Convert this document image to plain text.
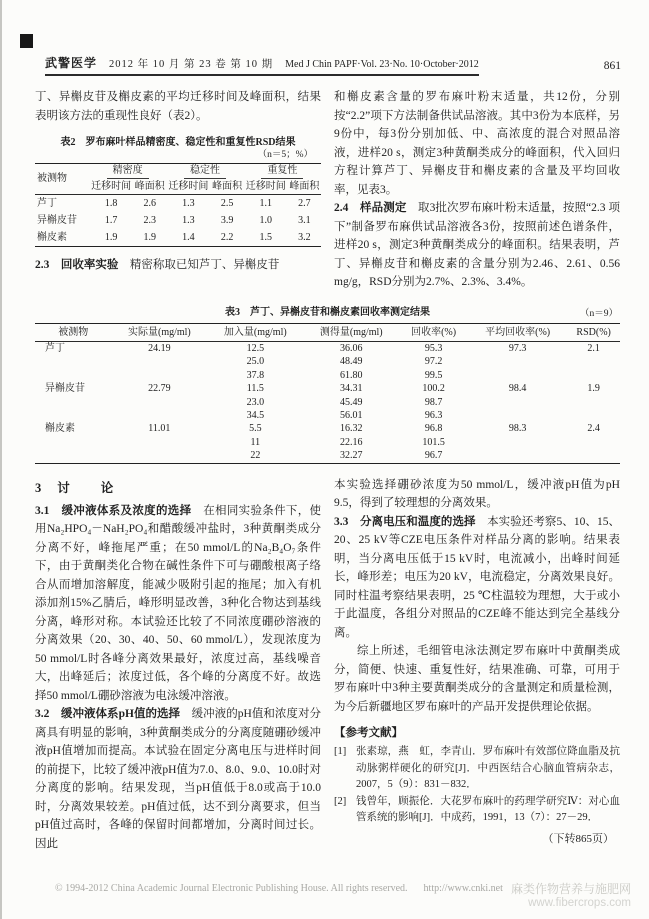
武警医学 2012 年 10 月 第 23 卷 第 10 期 Med J Chin PAPF·Vol. 23·No. 10·October·2012	861

丁、异槲皮苷及槲皮素的平均迁移时间及峰面积，结果表明该方法的重现性良好（表2）。

表2　罗布麻叶样品精密度、稳定性和重复性RSD结果
（n＝5；%）
被测物	精密度		稳定性		重复性	
	迁移时间	峰面积	迁移时间	峰面积	迁移时间	峰面积
芦丁	1.8	2.6	1.3	2.5	1.1	2.7
异槲皮苷	1.7	2.3	1.3	3.9	1.0	3.1
槲皮素	1.9	1.9	1.4	2.2	1.5	3.2

2.3　回收率实验　精密称取已知芦丁、异槲皮苷

和槲皮素含量的罗布麻叶粉末适量，共12份，分别按“2.2”项下方法制备供试品溶液。其中3份为本底样，另9份中，每3份分别加低、中、高浓度的混合对照品溶液，进样20 s，测定3种黄酮类成分的峰面积，代入回归方程计算芦丁、异槲皮苷和槲皮素的含量及平均回收率，见表3。

2.4　样品测定　取3批次罗布麻叶粉末适量，按照“2.3 项下”制备罗布麻供试品溶液各3份，按照前述色谱条件，进样20 s，测定3种黄酮类成分的峰面积。结果表明，芦丁、异槲皮苷和槲皮素的含量分别为2.46、2.61、0.56 mg/g，RSD分别为2.7%、2.3%、3.4%。

表3　芦丁、异槲皮苷和槲皮素回收率测定结果	（n＝9）
被测物	实际量(mg/ml)	加入量(mg/ml)	测得量(mg/ml)	回收率(%)	平均回收率(%)	RSD(%)
芦丁	24.19	12.5	36.06	95.3	97.3	2.1
		25.0	48.49	97.2		
		37.8	61.80	99.5		
异槲皮苷	22.79	11.5	34.31	100.2	98.4	1.9
		23.0	45.49	98.7		
		34.5	56.01	96.3		
槲皮素	11.01	5.5	16.32	96.8	98.3	2.4
		11	22.16	101.5		
		22	32.27	96.7		
3 讨　　论

3.1　缓冲液体系及浓度的选择　在相同实验条件下，使用Na₂HPO₄－NaH₂PO₄和醋酸缓冲盐时，3种黄酮类成分分离不好，峰拖尾严重；在50 mmol/L的Na₂B₄O₇条件下，由于黄酮类化合物在碱性条件下可与硼酸根离子络合从而增加溶解度，能减少吸附引起的拖尾；加入有机添加剂15%乙腈后，峰形明显改善，3种化合物达到基线分离，峰形对称。本试验还比较了不同浓度硼砂溶液的分离效果（20、30、40、50、60 mmol/L），发现浓度为50 mmol/L时各峰分离效果最好，浓度过高，基线噪音大，出峰延后；浓度过低，各个峰的分离度不好。故选择50 mmol/L硼砂溶液为电泳缓冲溶液。

3.2　缓冲液体系pH值的选择　缓冲液的pH值和浓度对分离具有明显的影响，3种黄酮类成分的分离度随硼砂缓冲液pH值增加而提高。本试验在固定分离电压与进样时间的前提下，比较了缓冲液pH值为7.0、8.0、9.0、10.0时对分离度的影响。结果发现，当pH值低于8.0或高于10.0时，分离效果较差。pH值过低，达不到分离要求，但当pH值过高时，各峰的保留时间都增加，分离时间过长。因此

本实验选择硼砂浓度为50 mmol/L，缓冲液pH值为pH 9.5，得到了较理想的分离效果。

3.3　分离电压和温度的选择　本实验还考察5、10、15、20、25 kV等CZE电压条件对样品分离的影响。结果表明，当分离电压低于15 kV时，电流减小，出峰时间延长，峰形差；电压为20 kV，电流稳定，分离效果良好。同时柱温考察结果表明，25 ℃柱温较为理想，大于或小于此温度，各组分对照品的CZE峰不能达到完全基线分离。

综上所述，毛细管电泳法测定罗布麻叶中黄酮类成分，简便、快速、重复性好，结果准确、可靠，可用于罗布麻叶中3种主要黄酮类成分的含量测定和质量检测，为今后新疆地区罗布麻叶的产品开发提供理论依据。

【参考文献】
[1] 张素琼，燕　虹，李青山．罗布麻叶有效部位降血脂及抗动脉粥样硬化的研究[J]．中西医结合心脑血管病杂志，2007，5（9）：831－832．
[2] 钱曾年，顾振伦．大花罗布麻叶的药理学研究Ⅳ：对心血管系统的影响[J]．中成药，1991，13（7）：27－29．
（下转865页）
© 1994-2012 China Academic Journal Electronic Publishing House. All rights reserved. http://www.cnki.net 麻类作物营养与施肥网
www.fibercrops.com
